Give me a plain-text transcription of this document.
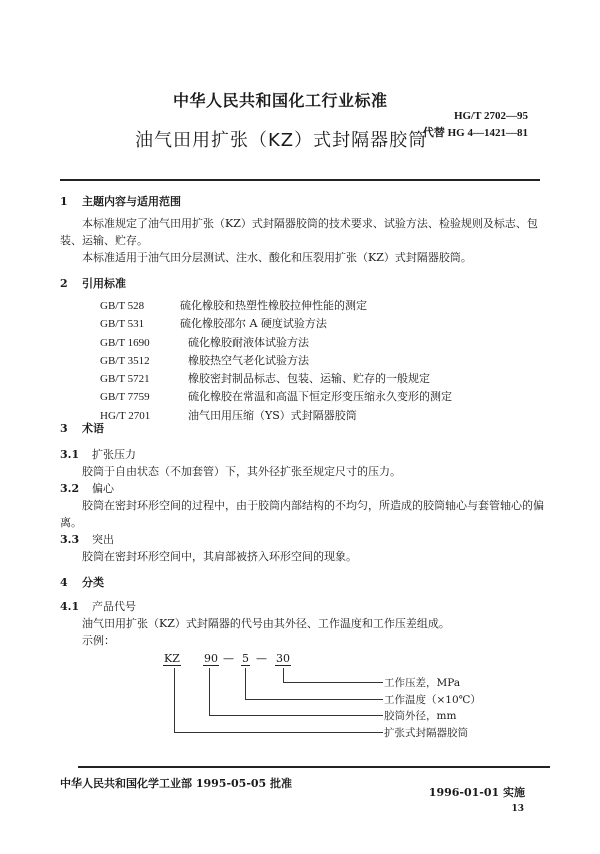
中华人民共和国化工行业标准
HG/T 2702—95
代替 HG 4—1421—81
油气田用扩张（KZ）式封隔器胶筒
1 主题内容与适用范围
本标准规定了油气田用扩张（KZ）式封隔器胶筒的技术要求、试验方法、检验规则及标志、包
装、运输、贮存。
本标准适用于油气田分层测试、注水、酸化和压裂用扩张（KZ）式封隔器胶筒。
2 引用标准
GB/T 528	硫化橡胶和热塑性橡胶拉伸性能的测定
GB/T 531	硫化橡胶邵尔 A 硬度试验方法
GB/T 1690	硫化橡胶耐液体试验方法
GB/T 3512	橡胶热空气老化试验方法
GB/T 5721	橡胶密封制品标志、包装、运输、贮存的一般规定
GB/T 7759	硫化橡胶在常温和高温下恒定形变压缩永久变形的测定
HG/T 2701	油气田用压缩（YS）式封隔器胶筒
3 术语
3.1 扩张压力
胶筒于自由状态（不加套管）下，其外径扩张至规定尺寸的压力。
3.2 偏心
胶筒在密封环形空间的过程中，由于胶筒内部结构的不均匀，所造成的胶筒轴心与套管轴心的偏
离。
3.3 突出
胶筒在密封环形空间中，其肩部被挤入环形空间的现象。
4 分类
4.1 产品代号
油气田用扩张（KZ）式封隔器的代号由其外径、工作温度和工作压差组成。
示例：
KZ 90 — 5 — 30
工作压差，MPa
工作温度（×10℃）
胶筒外径，mm
扩张式封隔器胶筒
中华人民共和国化学工业部 1995-05-05 批准
1996-01-01 实施
13
